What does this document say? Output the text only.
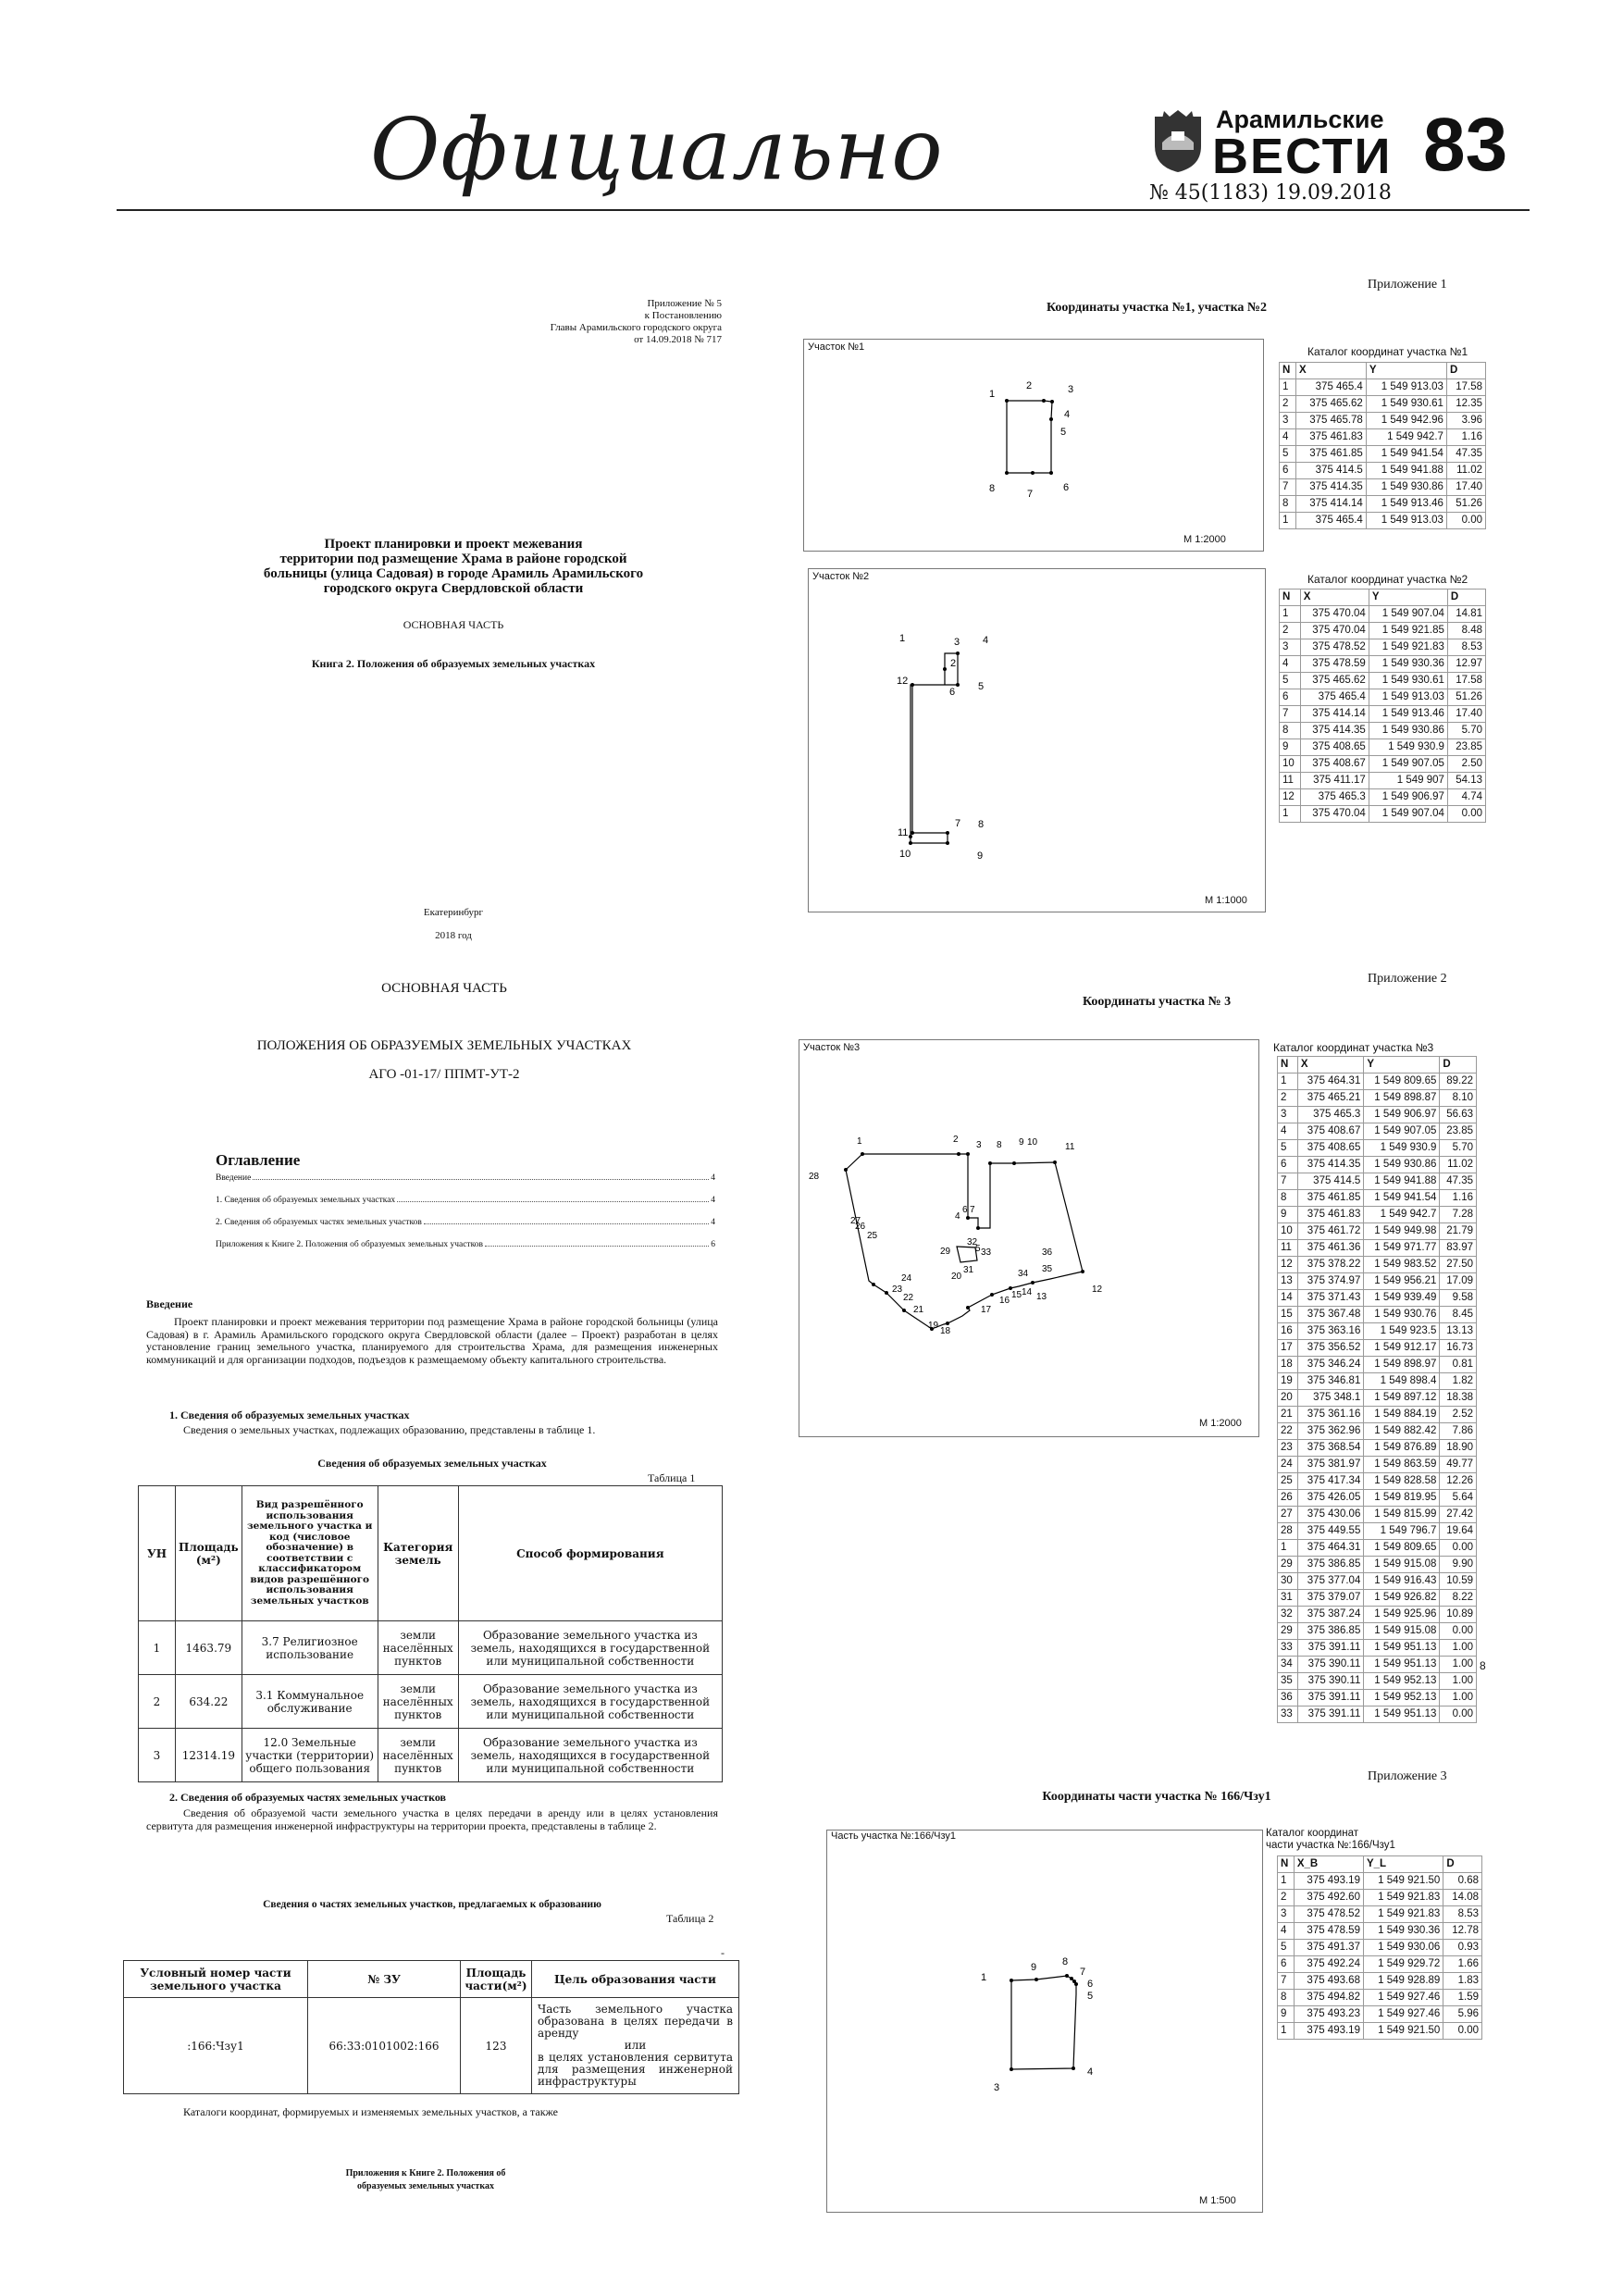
Официально	Арамильские
ВЕСТИ
№ 45(1183) 19.09.2018
83
Приложение № 5
к Постановлению
Главы Арамильского городского округа
от 14.09.2018 № 717
Проект планировки и проект межевания
территории под размещение Храма в районе городской
больницы (улица Садовая) в городе Арамиль Арамильского
городского округа Свердловской области
ОСНОВНАЯ ЧАСТЬ
Книга 2. Положения об образуемых земельных участках
Екатеринбург
2018 год
ОСНОВНАЯ ЧАСТЬ
ПОЛОЖЕНИЯ ОБ ОБРАЗУЕМЫХ ЗЕМЕЛЬНЫХ УЧАСТКАХ
АГО -01-17/ ППМТ-УТ-2
Оглавление
Введение	4
1. Сведения об образуемых земельных участках	4
2. Сведения об образуемых частях земельных участков	4
Приложения к Книге 2. Положения об образуемых земельных участков	6
Введение
Проект планировки и проект межевания территории под размещение Храма в районе городской больницы (улица Садовая) в г. Арамиль Арамильского городского округа Свердловской области (далее – Проект) разработан в целях установление границ земельного участка, планируемого для строительства Храма, для размещения инженерных коммуникаций и для организации подходов, подъездов к размещаемому объекту капитального строительства.
1. Сведения об образуемых земельных участках
Сведения о земельных участках, подлежащих образованию, представлены в таблице 1.
Сведения об образуемых земельных участках
Таблица 1
УН	Площадь (м²)	Вид разрешённого использования земельного участка и код (числовое обозначение) в соответствии с классификатором видов разрешённого использования земельных участков	Категория земель	Способ формирования
1	1463.79	3.7 Религиозное использование	земли населённых пунктов	Образование земельного участка из земель, находящихся в государственной или муниципальной собственности
2	634.22	3.1 Коммунальное обслуживание	земли населённых пунктов	Образование земельного участка из земель, находящихся в государственной или муниципальной собственности
3	12314.19	12.0 Земельные участки (территории) общего пользования	земли населённых пунктов	Образование земельного участка из земель, находящихся в государственной или муниципальной собственности
2. Сведения об образуемых частях земельных участков
Сведения об образуемой части земельного участка в целях передачи в аренду или в целях установления сервитута для размещения инженерной инфраструктуры на территории проекта, представлены в таблице 2.
Сведения о частях земельных участков, предлагаемых к образованию
Таблица 2
Условный номер части земельного участка	№ ЗУ	Площадь части(м²)	Цель образования части
:166:Чзу1	66:33:0101002:166	123	Часть земельного участка образована в целях передачи в аренду
или
в целях установления сервитута для размещения инженерной инфраструктуры
-
Каталоги координат, формируемых и изменяемых земельных участков, а также
Приложения к Книге 2. Положения об
образуемых земельных участках
Приложение 1
Координаты участка №1, участка №2
Участок №1
М 1:2000
1
2	3
4
5
6
7
8
Каталог координат участка №1
N	X	Y	D
1	375 465.4	1 549 913.03	17.58
2	375 465.62	1 549 930.61	12.35
3	375 465.78	1 549 942.96	3.96
4	375 461.83	1 549 942.7	1.16
5	375 461.85	1 549 941.54	47.35
6	375 414.5	1 549 941.88	11.02
7	375 414.35	1 549 930.86	17.40
8	375 414.14	1 549 913.46	51.26
1	375 465.4	1 549 913.03	0.00
Участок №2
М 1:1000
3
2
4
5
6
7 8
9
10
11
1
12
Каталог координат участка №2
N	X	Y	D
1	375 470.04	1 549 907.04	14.81
2	375 470.04	1 549 921.85	8.48
3	375 478.52	1 549 921.83	8.53
4	375 478.59	1 549 930.36	12.97
5	375 465.62	1 549 930.61	17.58
6	375 465.4	1 549 913.03	51.26
7	375 414.14	1 549 913.46	17.40
8	375 414.35	1 549 930.86	5.70
9	375 408.65	1 549 930.9	23.85
10	375 408.67	1 549 907.05	2.50
11	375 411.17	1 549 907	54.13
12	375 465.3	1 549 906.97	4.74
1	375 470.04	1 549 907.04	0.00
Приложение 2
Координаты участка № 3
Участок №3
М 1:2000
1	2
3
4
5
6 7
8 9 10	11
12
13
14
15
16
17
18
19
20
21
22
23
24
25
26
27
28
29
31
32
33
34 35
36
Каталог координат участка №3
N	X	Y	D
1	375 464.31	1 549 809.65	89.22
2	375 465.21	1 549 898.87	8.10
3	375 465.3	1 549 906.97	56.63
4	375 408.67	1 549 907.05	23.85
5	375 408.65	1 549 930.9	5.70
6	375 414.35	1 549 930.86	11.02
7	375 414.5	1 549 941.88	47.35
8	375 461.85	1 549 941.54	1.16
9	375 461.83	1 549 942.7	7.28
10	375 461.72	1 549 949.98	21.79
11	375 461.36	1 549 971.77	83.97
12	375 378.22	1 549 983.52	27.50
13	375 374.97	1 549 956.21	17.09
14	375 371.43	1 549 939.49	9.58
15	375 367.48	1 549 930.76	8.45
16	375 363.16	1 549 923.5	13.13
17	375 356.52	1 549 912.17	16.73
18	375 346.24	1 549 898.97	0.81
19	375 346.81	1 549 898.4	1.82
20	375 348.1	1 549 897.12	18.38
21	375 361.16	1 549 884.19	2.52
22	375 362.96	1 549 882.42	7.86
23	375 368.54	1 549 876.89	18.90
24	375 381.97	1 549 863.59	49.77
25	375 417.34	1 549 828.58	12.26
26	375 426.05	1 549 819.95	5.64
27	375 430.06	1 549 815.99	27.42
28	375 449.55	1 549 796.7	19.64
1	375 464.31	1 549 809.65	0.00
29	375 386.85	1 549 915.08	9.90
30	375 377.04	1 549 916.43	10.59
31	375 379.07	1 549 926.82	8.22
32	375 387.24	1 549 925.96	10.89
29	375 386.85	1 549 915.08	0.00
33	375 391.11	1 549 951.13	1.00
34	375 390.11	1 549 951.13	1.00
35	375 390.11	1 549 952.13	1.00
36	375 391.11	1 549 952.13	1.00
33	375 391.11	1 549 951.13	0.00
8
Приложение 3
Координаты части участка № 166/Чзу1
Часть участка №:166/Чзу1
М 1:500
1
3
4
5
6
7
8
9
Каталог координат
части участка №:166/Чзу1
N	X_B	Y_L	D
1	375 493.19	1 549 921.50	0.68
2	375 492.60	1 549 921.83	14.08
3	375 478.52	1 549 921.83	8.53
4	375 478.59	1 549 930.36	12.78
5	375 491.37	1 549 930.06	0.93
6	375 492.24	1 549 929.72	1.66
7	375 493.68	1 549 928.89	1.83
8	375 494.82	1 549 927.46	1.59
9	375 493.23	1 549 927.46	5.96
1	375 493.19	1 549 921.50	0.00
